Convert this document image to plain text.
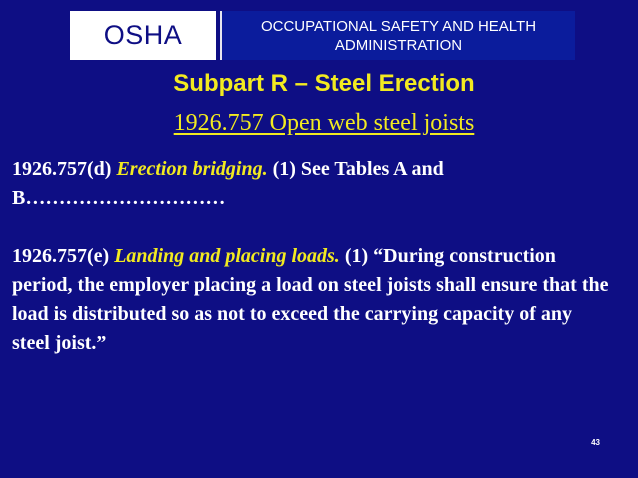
OSHA	OCCUPATIONAL SAFETY AND HEALTH
ADMINISTRATION
Subpart R – Steel Erection
1926.757 Open web steel joists

1926.757(d) Erection bridging. (1) See Tables A and B…………………………

1926.757(e) Landing and placing loads. (1) “During construction period, the employer placing a load on steel joists shall ensure that the load is distributed so as not to exceed the carrying capacity of any steel joist.”

43
